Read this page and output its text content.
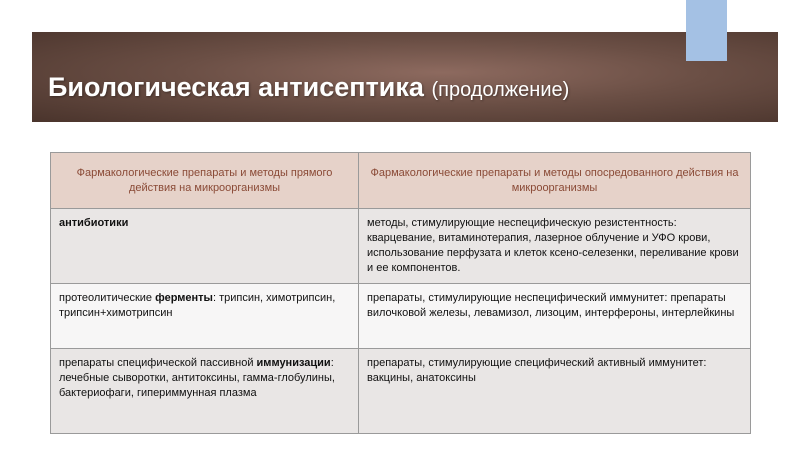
Биологическая антисептика (продолжение)
Фармакологические препараты и методы прямого действия на микроорганизмы	Фармакологические препараты и методы опосредованного действия на микроорганизмы
антибиотики	методы, стимулирующие неспецифическую резистентность: кварцевание, витаминотерапия, лазерное облучение и УФО крови, использование перфузата и клеток ксено-селезенки, переливание крови и ее компонентов.
протеолитические ферменты: трипсин, химотрипсин, трипсин+химотрипсин	препараты, стимулирующие неспецифический иммунитет: препараты вилочковой железы, левамизол, лизоцим, интерфероны, интерлейкины
препараты специфической пассивной иммунизации: лечебные сыворотки, антитоксины, гамма-глобулины, бактериофаги, гипериммунная плазма	препараты, стимулирующие специфический активный иммунитет: вакцины, анатоксины
